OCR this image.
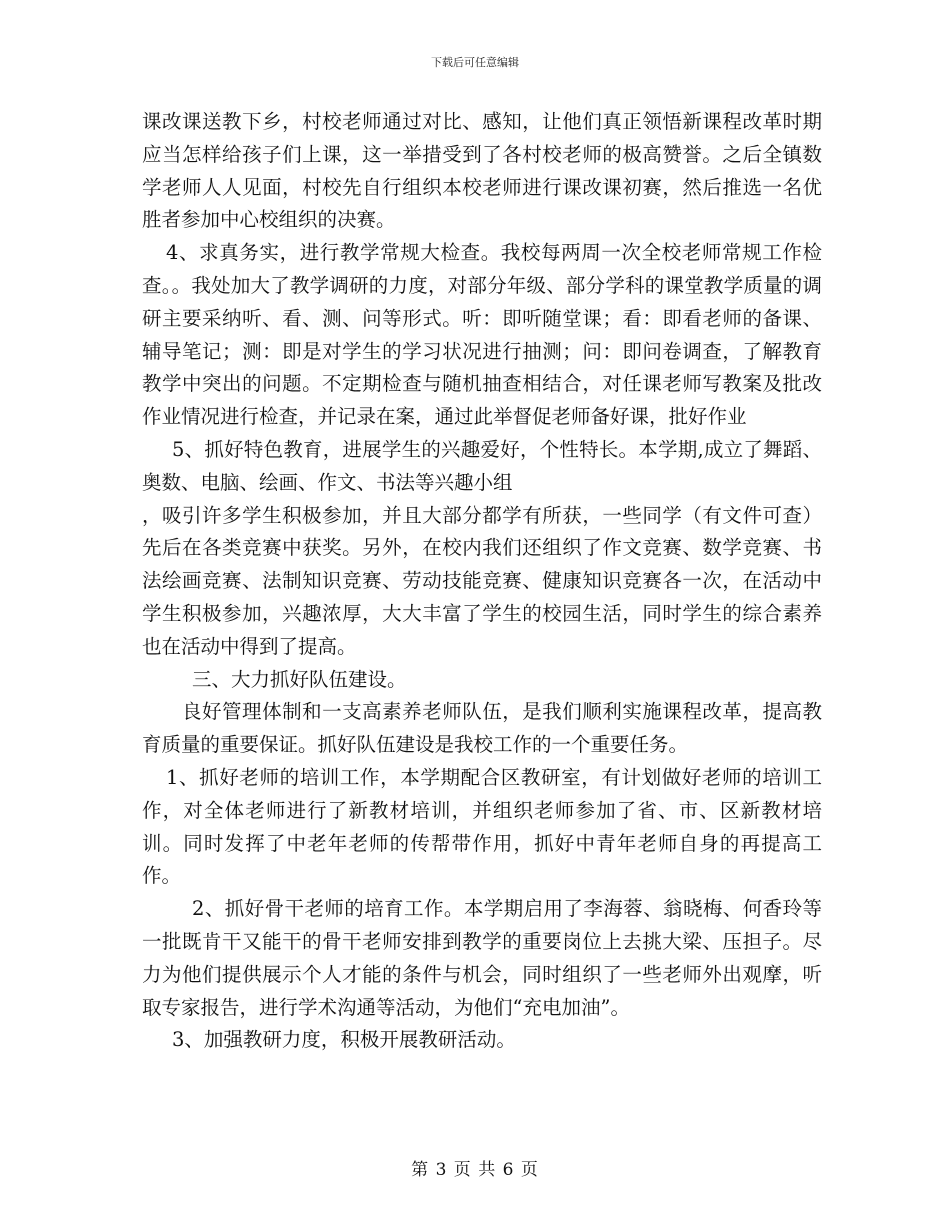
下载后可任意编辑

课改课送教下乡，村校老师通过对比、感知，让他们真正领悟新课程改革时期应当怎样给孩子们上课，这一举措受到了各村校老师的极高赞誉。之后全镇数学老师人人见面，村校先自行组织本校老师进行课改课初赛，然后推选一名优胜者参加中心校组织的决赛。

4、求真务实，进行教学常规大检查。我校每两周一次全校老师常规工作检查。。我处加大了教学调研的力度，对部分年级、部分学科的课堂教学质量的调研主要采纳听、看、测、问等形式。听：即听随堂课；看：即看老师的备课、辅导笔记；测：即是对学生的学习状况进行抽测；问：即问卷调查，了解教育教学中突出的问题。不定期检查与随机抽查相结合，对任课老师写教案及批改作业情况进行检查，并记录在案，通过此举督促老师备好课，批好作业

5、抓好特色教育，进展学生的兴趣爱好，个性特长。本学期,成立了舞蹈、奥数、电脑、绘画、作文、书法等兴趣小组

，吸引许多学生积极参加，并且大部分都学有所获，一些同学（有文件可查）先后在各类竞赛中获奖。另外，在校内我们还组织了作文竞赛、数学竞赛、书法绘画竞赛、法制知识竞赛、劳动技能竞赛、健康知识竞赛各一次，在活动中学生积极参加，兴趣浓厚，大大丰富了学生的校园生活，同时学生的综合素养也在活动中得到了提高。

三、大力抓好队伍建设。

良好管理体制和一支高素养老师队伍，是我们顺利实施课程改革，提高教育质量的重要保证。抓好队伍建设是我校工作的一个重要任务。

1、抓好老师的培训工作，本学期配合区教研室，有计划做好老师的培训工作，对全体老师进行了新教材培训，并组织老师参加了省、市、区新教材培训。同时发挥了中老年老师的传帮带作用，抓好中青年老师自身的再提高工作。

2、抓好骨干老师的培育工作。本学期启用了李海蓉、翁晓梅、何香玲等一批既肯干又能干的骨干老师安排到教学的重要岗位上去挑大梁、压担子。尽力为他们提供展示个人才能的条件与机会，同时组织了一些老师外出观摩，听取专家报告，进行学术沟通等活动，为他们“充电加油”。

3、加强教研力度，积极开展教研活动。

第 3 页 共 6 页
